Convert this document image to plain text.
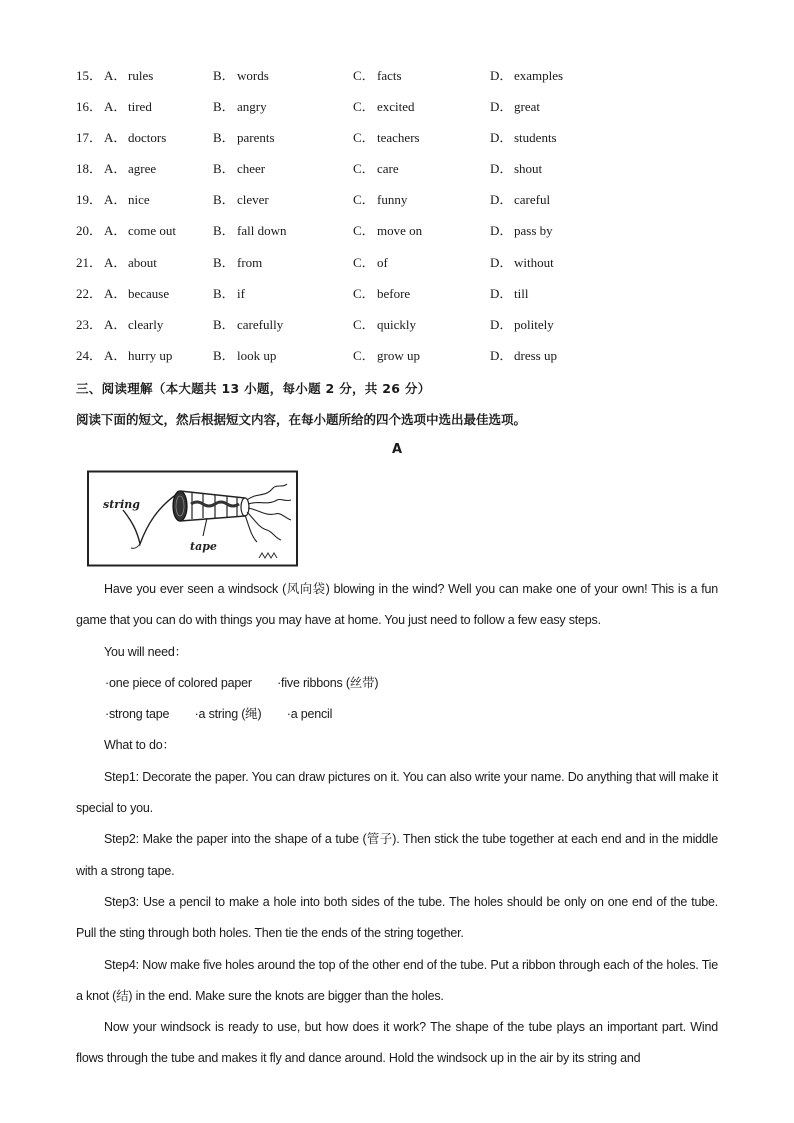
15． A． rules	B． words	C． facts	D． examples
16． A． tired	B． angry	C． excited	D． great
17． A． doctors	B． parents	C． teachers	D． students
18． A． agree	B． cheer	C． care	D． shout
19． A． nice	B． clever	C． funny	D． careful
20． A． come out	B． fall down	C． move on	D． pass by
21． A． about	B． from	C． of	D． without
22． A． because	B． if	C． before	D． till
23． A． clearly	B． carefully	C． quickly	D． politely
24． A． hurry up	B． look up	C． grow up	D． dress up
三、阅读理解（本大题共 13 小题，每小题 2 分，共 26 分）
阅读下面的短文，然后根据短文内容，在每小题所给的四个选项中选出最佳选项。
A
string
tape

Have you ever seen a windsock (风向袋) blowing in the wind? Well you can make one of your own! This is a fun game that you can do with things you may have at home. You just need to follow a few easy steps.

You will need：

·one piece of colored paper ·five ribbons (丝带)

·strong tape ·a string (绳) ·a pencil

What to do：

Step1: Decorate the paper. You can draw pictures on it. You can also write your name. Do anything that will make it special to you.

Step2: Make the paper into the shape of a tube (管子). Then stick the tube together at each end and in the middle with a strong tape.

Step3: Use a pencil to make a hole into both sides of the tube. The holes should be only on one end of the tube. Pull the sting through both holes. Then tie the ends of the string together.

Step4: Now make five holes around the top of the other end of the tube. Put a ribbon through each of the holes. Tie a knot (结) in the end. Make sure the knots are bigger than the holes.

Now your windsock is ready to use, but how does it work? The shape of the tube plays an important part. Wind flows through the tube and makes it fly and dance around. Hold the windsock up in the air by its string and
